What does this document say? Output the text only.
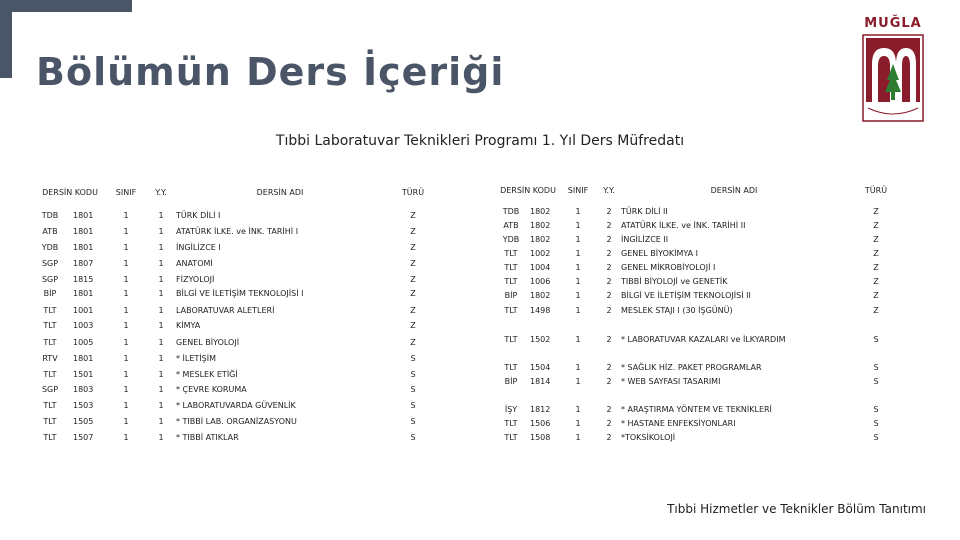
Bölümün Ders İçeriği
MUĞLA
Tıbbi Laboratuvar Teknikleri Programı 1. Yıl Ders Müfredatı
DERSİN KODU SINIF Y.Y.	DERSİN ADI	TÜRÜ
TDB 1801	1	1 TÜRK DİLİ I	Z
ATB 1801	1	1 ATATÜRK İLKE. ve İNK. TARİHİ I	Z
YDB 1801	1	1 İNGİLİZCE I	Z
SGP 1807	1	1 ANATOMİ	Z
SGP 1815	1	1 FİZYOLOJİ	Z
BİP 1801	1	1 BİLGİ VE İLETİŞİM TEKNOLOJİSİ I	Z
TLT 1001	1	1 LABORATUVAR ALETLERİ	Z
TLT 1003	1	1 KİMYA	Z
TLT 1005	1	1 GENEL BİYOLOJİ	Z
RTV 1801	1	1 * İLETİŞİM	S
TLT 1501	1	1 * MESLEK ETİĞİ	S
SGP 1803	1	1 * ÇEVRE KORUMA	S
TLT 1503	1	1 * LABORATUVARDA GÜVENLİK	S
TLT 1505	1	1 * TIBBİ LAB. ORGANİZASYONU	S
TLT 1507	1	1 * TIBBİ ATIKLAR	S
DERSİN KODU SINIF Y.Y.	DERSİN ADI	TÜRÜ
TDB 1802	1	2 TÜRK DİLİ II	Z
ATB 1802	1	2 ATATÜRK İLKE. ve İNK. TARİHİ II	Z
YDB 1802	1	2 İNGİLİZCE II	Z
TLT 1002	1	2 GENEL BİYOKİMYA I	Z
TLT 1004	1	2 GENEL MİKROBİYOLOJİ I	Z
TLT 1006	1	2 TIBBİ BİYOLOJİ ve GENETİK	Z
BİP 1802	1	2 BİLGİ VE İLETİŞİM TEKNOLOJİSİ II	Z
TLT 1498	1	2 MESLEK STAJI I (30 İŞGÜNÜ)	Z
TLT 1502	1	2 * LABORATUVAR KAZALARI ve İLKYARDIM	S
TLT 1504	1	2 * SAĞLIK HİZ. PAKET PROGRAMLAR	S
BİP 1814	1	2 * WEB SAYFASI TASARIMI	S
İŞY 1812	1	2 * ARAŞTIRMA YÖNTEM VE TEKNİKLERİ	S
TLT 1506	1	2 * HASTANE ENFEKSİYONLARI	S
TLT 1508	1	2 *TOKSİKOLOJİ	S
Tıbbi Hizmetler ve Teknikler Bölüm Tanıtımı
